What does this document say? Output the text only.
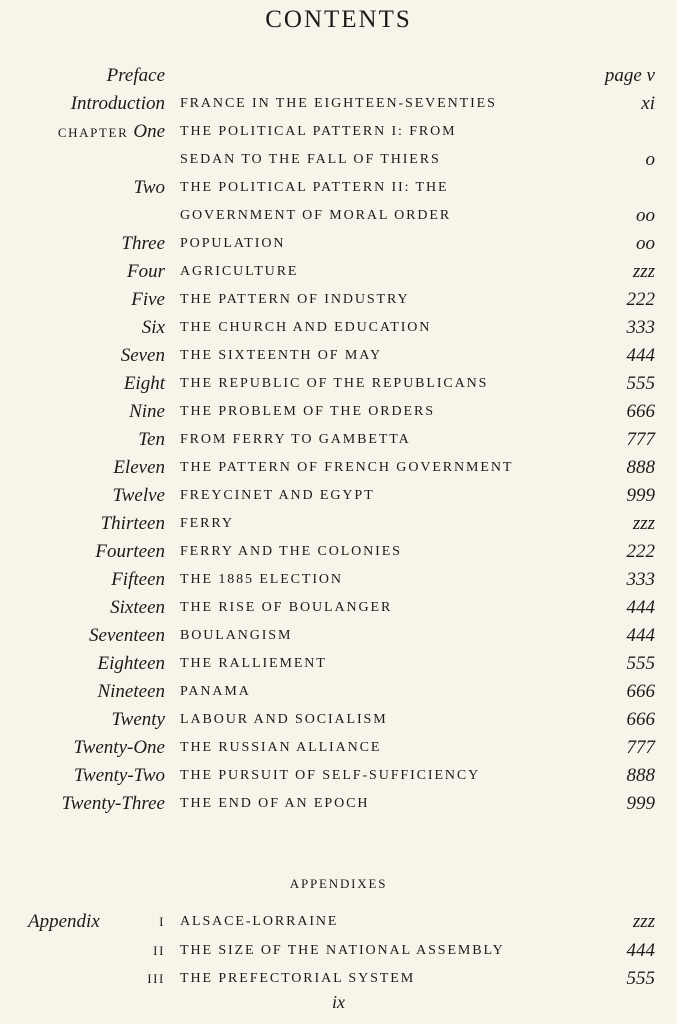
CONTENTS
Preface	page v
Introduction FRANCE IN THE EIGHTEEN-SEVENTIES	xi
CHAPTER One THE POLITICAL PATTERN I: FROM
SEDAN TO THE FALL OF THIERS	o
Two THE POLITICAL PATTERN II: THE
GOVERNMENT OF MORAL ORDER	oo
Three POPULATION	oo
Four AGRICULTURE	zzz
Five THE PATTERN OF INDUSTRY	222
Six THE CHURCH AND EDUCATION	333
Seven THE SIXTEENTH OF MAY	444
Eight THE REPUBLIC OF THE REPUBLICANS	555
Nine THE PROBLEM OF THE ORDERS	666
Ten FROM FERRY TO GAMBETTA	777
Eleven THE PATTERN OF FRENCH GOVERNMENT	888
Twelve FREYCINET AND EGYPT	999
Thirteen FERRY	zzz
Fourteen FERRY AND THE COLONIES	222
Fifteen THE 1885 ELECTION	333
Sixteen THE RISE OF BOULANGER	444
Seventeen BOULANGISM	444
Eighteen THE RALLIEMENT	555
Nineteen PANAMA	666
Twenty LABOUR AND SOCIALISM	666
Twenty-One THE RUSSIAN ALLIANCE	777
Twenty-Two THE PURSUIT OF SELF-SUFFICIENCY	888
Twenty-Three THE END OF AN EPOCH	999
APPENDIXES
Appendix	I ALSACE-LORRAINE	zzz
II THE SIZE OF THE NATIONAL ASSEMBLY	444
III THE PREFECTORIAL SYSTEM	555
ix
